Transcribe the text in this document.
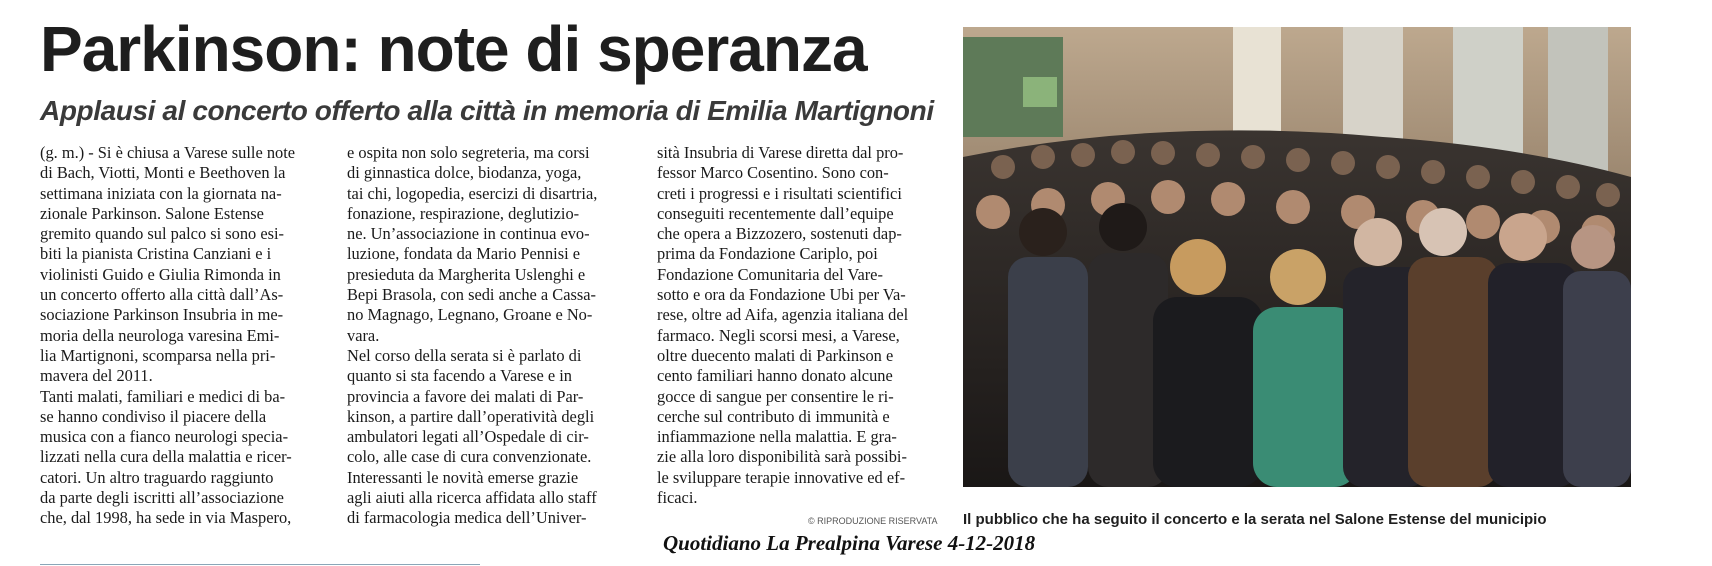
Parkinson: note di speranza
Applausi al concerto offerto alla città in memoria di Emilia Martignoni

(g. m.) - Si è chiusa a Varese sulle note

di Bach, Viotti, Monti e Beethoven la

settimana iniziata con la giornata na-

zionale Parkinson. Salone Estense

gremito quando sul palco si sono esi-

biti la pianista Cristina Canziani e i

violinisti Guido e Giulia Rimonda in

un concerto offerto alla città dall’As-

sociazione Parkinson Insubria in me-

moria della neurologa varesina Emi-

lia Martignoni, scomparsa nella pri-

mavera del 2011.

Tanti malati, familiari e medici di ba-

se hanno condiviso il piacere della

musica con a fianco neurologi specia-

lizzati nella cura della malattia e ricer-

catori. Un altro traguardo raggiunto

da parte degli iscritti all’associazione

che, dal 1998, ha sede in via Maspero,

e ospita non solo segreteria, ma corsi

di ginnastica dolce, biodanza, yoga,

tai chi, logopedia, esercizi di disartria,

fonazione, respirazione, deglutizio-

ne. Un’associazione in continua evo-

luzione, fondata da Mario Pennisi e

presieduta da Margherita Uslenghi e

Bepi Brasola, con sedi anche a Cassa-

no Magnago, Legnano, Groane e No-

vara.

Nel corso della serata si è parlato di

quanto si sta facendo a Varese e in

provincia a favore dei malati di Par-

kinson, a partire dall’operatività degli

ambulatori legati all’Ospedale di cir-

colo, alle case di cura convenzionate.

Interessanti le novità emerse grazie

agli aiuti alla ricerca affidata allo staff

di farmacologia medica dell’Univer-

sità Insubria di Varese diretta dal pro-

fessor Marco Cosentino. Sono con-

creti i progressi e i risultati scientifici

conseguiti recentemente dall’equipe

che opera a Bizzozero, sostenuti dap-

prima da Fondazione Cariplo, poi

Fondazione Comunitaria del Vare-

sotto e ora da Fondazione Ubi per Va-

rese, oltre ad Aifa, agenzia italiana del

farmaco. Negli scorsi mesi, a Varese,

oltre duecento malati di Parkinson e

cento familiari hanno donato alcune

gocce di sangue per consentire le ri-

cerche sul contributo di immunità e

infiammazione nella malattia. E gra-

zie alla loro disponibilità sarà possibi-

le sviluppare terapie innovative ed ef-

ficaci.

© RIPRODUZIONE RISERVATA Il pubblico che ha seguito il concerto e la serata nel Salone Estense del municipio
Quotidiano La Prealpina Varese 4-12-2018
